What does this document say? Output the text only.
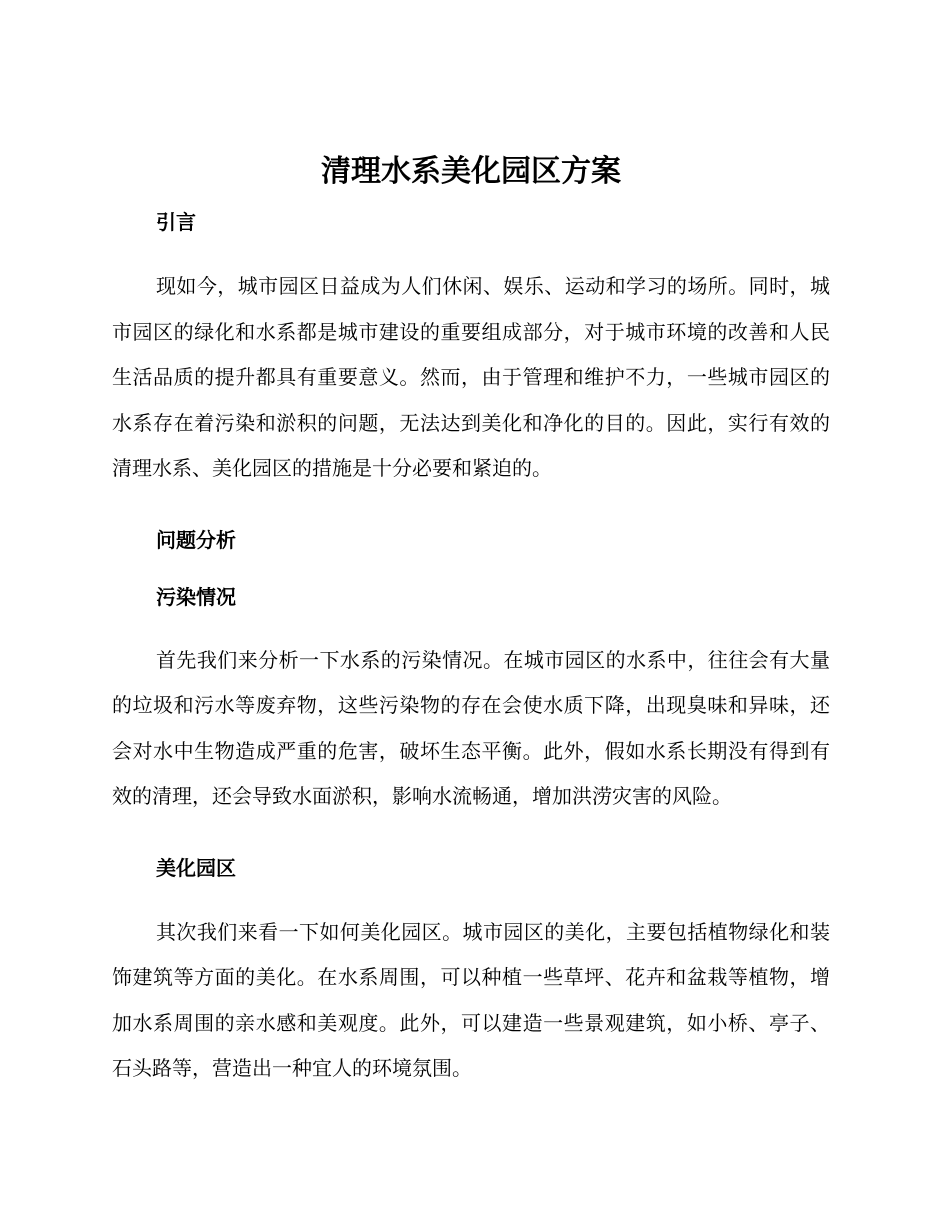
清理水系美化园区方案
引言

现如今，城市园区日益成为人们休闲、娱乐、运动和学习的场所。同时，城市园区的绿化和水系都是城市建设的重要组成部分，对于城市环境的改善和人民生活品质的提升都具有重要意义。然而，由于管理和维护不力，一些城市园区的水系存在着污染和淤积的问题，无法达到美化和净化的目的。因此，实行有效的清理水系、美化园区的措施是十分必要和紧迫的。

问题分析
污染情况

首先我们来分析一下水系的污染情况。在城市园区的水系中，往往会有大量的垃圾和污水等废弃物，这些污染物的存在会使水质下降，出现臭味和异味，还会对水中生物造成严重的危害，破坏生态平衡。此外，假如水系长期没有得到有效的清理，还会导致水面淤积，影响水流畅通，增加洪涝灾害的风险。

美化园区

其次我们来看一下如何美化园区。城市园区的美化，主要包括植物绿化和装饰建筑等方面的美化。在水系周围，可以种植一些草坪、花卉和盆栽等植物，增加水系周围的亲水感和美观度。此外，可以建造一些景观建筑，如小桥、亭子、石头路等，营造出一种宜人的环境氛围。
